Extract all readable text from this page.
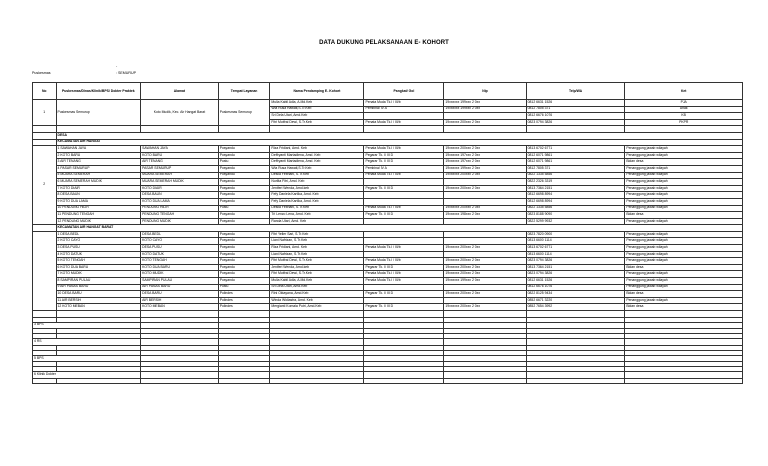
DATA DUKUNG PELAKSANAAN E- KOHORT
-
Puskesmas	: SEMURUP
No	Puskesmas/Dinas/Klinik/BPS/ Dokter Praktek	Alamat	Tempat Layanan	Nama Pendamping E- Kohort	Pangkat/ Gol	Nip	Telp/WA	Ket
1	Puskesmas Semurup	Koto Mudik, Kec. Air Hangat Barat	Puskesmas Semurup	Mulia Kabil Adla, A.Md.Keb	Penata Muda Tk.I / III/b	19xxxxxx 199xxx 2 0xx	0812 6631 1526	PJA
				Wia Rusa Hawati,S.Tr.Keb	Pembina/ IV A	19xxxxxx 199xxx 2 0xx	0812 7805 371	Anak
				Sri Dela Utari, Amd.Keb			0812 6676 1076	KB
				Fitri Mutfrai Dewi, S.Tr.Keb	Penata Muda Tk.I / III/b	19xxxxxx 200xxx 2 0xx	0823 0794 3826	PKPR

	DESA							
	KECAMATAN AIR HANGAT							
2	1 SAWAHAN JAYA	SAWAHAN JAYA	Posyandu	Riza Fridiani, Amd. Keb	Penata Muda Tk.I / III/b	19xxxxxx 200xxx 2 0xx	0813 6702 6771	Penanggung jawab wilayah
	2 KOTO BARU	KOTO BARU	Posyandu	Deffryanti Martadiena, Amd. Keb	Pegarar Tk. I/ III D	19xxxxxx 197xxx 2 0xx	0812 6071 9861	Penanggung jawab wilayah
	3 AIR TENANG	AIR TENANG	Pustu	Deffryanti Martadiena, Amd. Keb	Pegarar Tk. I/ III D	19xxxxxx 197xxx 2 0xx	0812 6071 9861	Bidan desa
	4 PASAR SEMURUP	PASAR SEMURUP	Posyandu	Wia Rusa Hawati,S.Tr.Keb	Pembina/ IV A	19xxxxxx 199xxx 2 0xx	0812 7805 371	Penanggung jawab wilayah
	5 MUARA SEMERAH	MUARA SEMERAH	Posyandu	Desila Febriani, S.Tr.Keb	Penata Muda Tk.I / III/b	19xxxxxx 200xxx 2 0xx	0822 1335 5856	Penanggung jawab wilayah
	6 MUARA SEMERAH MUDIK	MUARA SEMERAH MUDIK	Posyandu	Nurlita Fitri, Amd. Keb			0822 2326 3319	Penanggung jawab wilayah
	7 KOTO DIAIR	KOTO DIAIR	Posyandu	Jeniferi Wenda, Amd.keb	Pegarar Tk. I/ III D	19xxxxxx 200xxx 2 0xx	0813 7364 2151	Penanggung jawab wilayah
	8 DESA BAUN	DESA BAUN	Posyandu	Fefy Daniela Kartika, Amd. Keb			0812 6698 8994	Penanggung jawab wilayah
	9 KOTO DUA LAMA	KOTO DUA LAMA	Posyandu	Fefy Daniela Kartika, Amd. Keb			0812 6698 8994	Penanggung jawab wilayah
	10 PENDUNG HILIR	PENDUNG HILIR	Pustu	Desila Febriani, S.Tr.Keb	Penata Muda Tk.I / III/b	19xxxxxx 200xxx 2 0xx	0822 1335 5856	Penanggung jawab wilayah
	11 PENDUNG TENGAH	PENDUNG TENGAH	Posyandu	Tri Lenzo Lena, Amd. Keb	Pegarar Tk. I/ III D	19xxxxxx 198xxx 2 0xx	0823 8188 9090	Bidan desa
	12 PENDUNG MUDIK	PENDUNG MUDIK	Posyandu	Randa Utari, Amd. Keb			0822 5299 9932	Penanggung jawab wilayah
	KECAMATAN AIR HANGAT BARAT							
	1 DESA BEDL	DESA BEDL	Posyandu	Fitri Yeller Sari, S.Tr.Keb			0823 7820 0900	Penanggung jawab wilayah
	2 KOTO CAYO	KOTO CAYO	Posyandu	Liani Nafrizan, S.Tr.Keb			0813 6600 1114	Penanggung jawab wilayah
	3 DESA PUSU	DESA PUSU	Posyandu	Riza Fridiani, Amd. Keb	Penata Muda Tk.I / III/b	19xxxxxx 200xxx 2 0xx	0813 6702 6771	Penanggung jawab wilayah
	4 KOTO DATUK	KOTO DATUK	Posyandu	Liani Nafrizan, S.Tr.Keb			0813 6600 1114	Penanggung jawab wilayah
	5 KOTO TENGAH	KOTO TENGAH	Posyandu	Fitri Mutfrai Dewi, S.Tr.Keb	Penata Muda Tk.I / III/b	19xxxxxx 200xxx 2 0xx	0823 0794 3826	Penanggung jawab wilayah
	6 KOTO DUA BARU	KOTO DUA BARU	Posyandu	Jeniferi Wenda, Amd.keb	Pegarar Tk. I/ III D	19xxxxxx 200xxx 2 0xx	0813 7364 2151	Bidan desa
	7 KOTO MUDIK	KOTO MUDIK	Posyandu	Fitri Mutfrai Dewi, S.Tr.Keb	Penata Muda Tk.I / III/b	19xxxxxx 200xxx 2 0xx	0823 0794 3826	Penanggung jawab wilayah
	8 SAMPIRAN PULAU	SAMPIRAN PULAU	Posyandu	Mulia Kabil Adla, A.Md.Keb	Penata Muda Tk.I / III/b	19xxxxxx 199xxx 2 0xx	0812 6631 1526	Penanggung jawab wilayah
	9 AIR PANAS BARU	AIR PANAS BARU	Pustu	Sri Dela Utari, Amd.Keb			0812 6676 1076	Penanggung jawab wilayah
	10 DESA BARU	DESA BARU	Polindes	Rini Oktayana, Amd.Keb	Pegarar Tk. I/ III D	19xxxxxx 200xxx 2 0xx	0822 8125 9434	Bidan desa
	11 AIR BERSIH	AIR BERSIH	Polindes	Winda Widiastra, Amd. Keb			0852 6671 3220	Penanggung jawab wilayah
	12 KOTO MEBAN	KOTO MEBAN	Polindes	Mergianti Komala Putri, Amd.Keb	Pegarar Tk. I/ III D	19xxxxxx 200xxx 2 0xx	0852 7654 3992	Bidan desa

3 BPS								

4 RS								

5 BPS								

6 Klinik Dokter								
